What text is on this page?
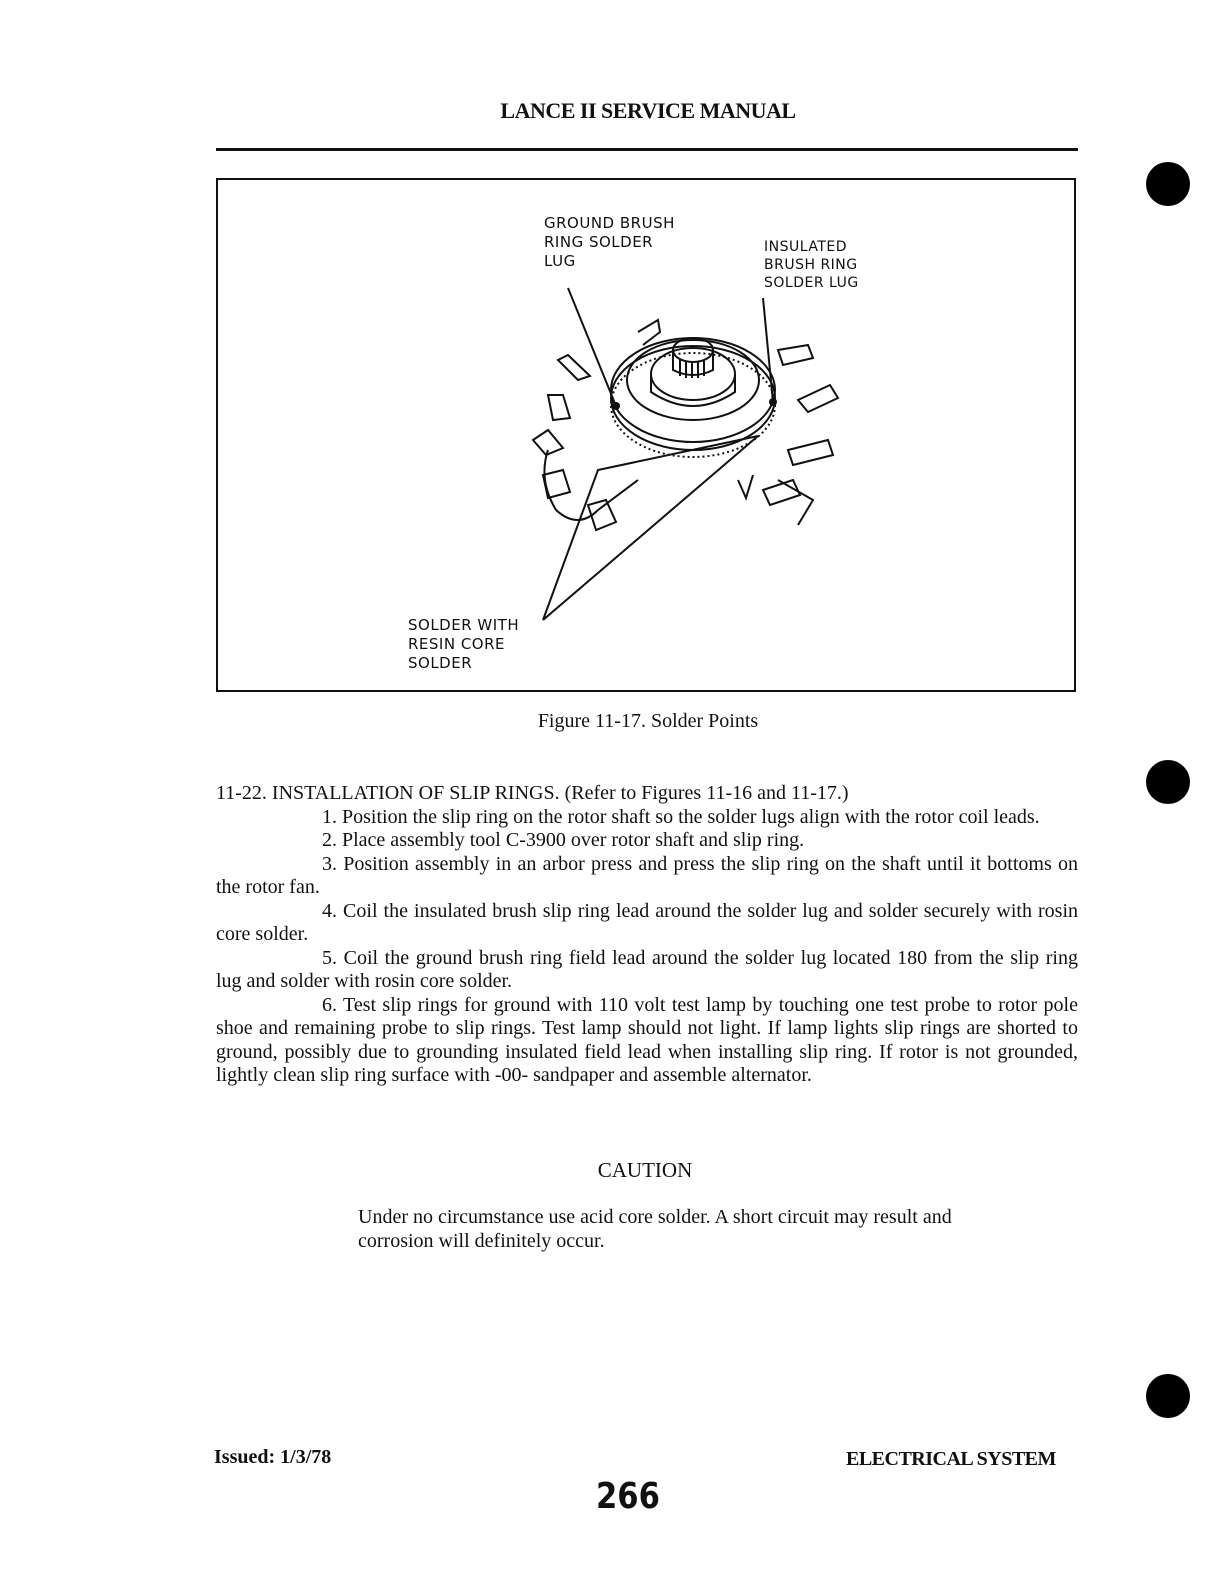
LANCE II SERVICE MANUAL
GROUND BRUSH
RING SOLDER
LUG
INSULATED
BRUSH RING
SOLDER LUG
SOLDER WITH
RESIN CORE
SOLDER
Figure 11-17. Solder Points

11-22. INSTALLATION OF SLIP RINGS. (Refer to Figures 11-16 and 11-17.)

1. Position the slip ring on the rotor shaft so the solder lugs align with the rotor coil leads.

2. Place assembly tool C-3900 over rotor shaft and slip ring.

3. Position assembly in an arbor press and press the slip ring on the shaft until it bottoms on the rotor fan.

4. Coil the insulated brush slip ring lead around the solder lug and solder securely with rosin core solder.

5. Coil the ground brush ring field lead around the solder lug located 180 from the slip ring lug and solder with rosin core solder.

6. Test slip rings for ground with 110 volt test lamp by touching one test probe to rotor pole shoe and remaining probe to slip rings. Test lamp should not light. If lamp lights slip rings are shorted to ground, possibly due to grounding insulated field lead when installing slip ring. If rotor is not grounded, lightly clean slip ring surface with -00- sandpaper and assemble alternator.

CAUTION
Under no circumstance use acid core solder. A short circuit may result and corrosion will definitely occur.
Issued: 1/3/78	ELECTRICAL SYSTEM
266
